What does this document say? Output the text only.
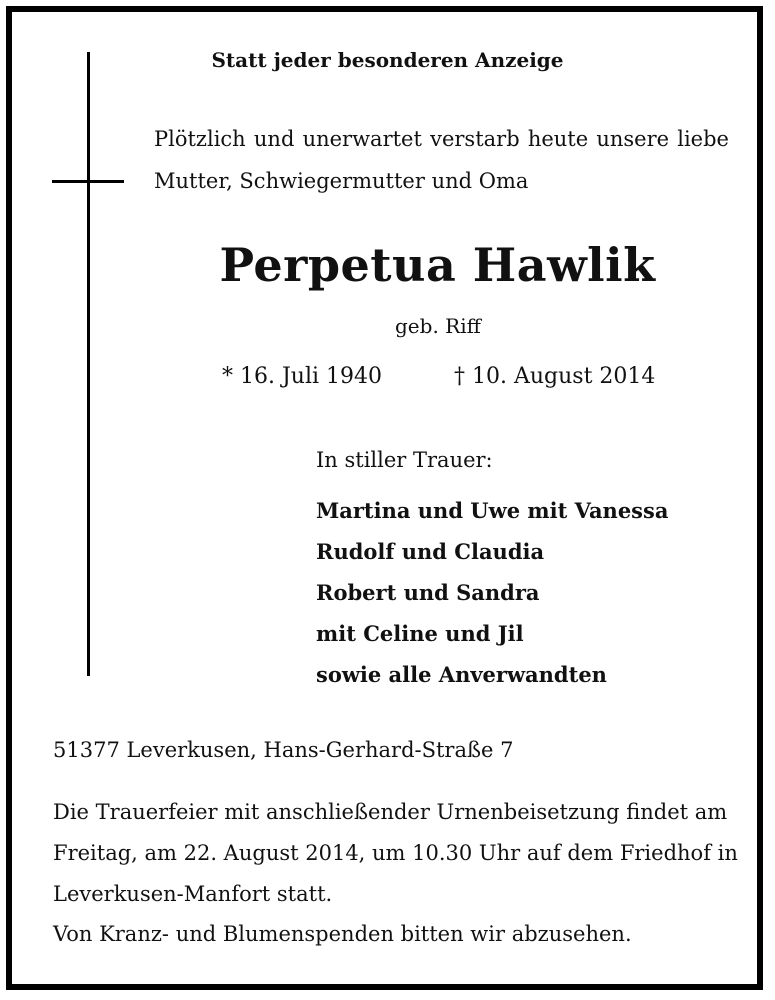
Statt jeder besonderen Anzeige
Plötzlich und unerwartet verstarb heute unsere liebe
Mutter, Schwiegermutter und Oma
Perpetua Hawlik
geb. Riff
* 16. Juli 1940	† 10. August 2014
In stiller Trauer:
Martina und Uwe mit Vanessa
Rudolf und Claudia
Robert und Sandra
mit Celine und Jil
sowie alle Anverwandten
51377 Leverkusen, Hans-Gerhard-Straße 7
Die Trauerfeier mit anschließender Urnenbeisetzung findet am
Freitag, am 22. August 2014, um 10.30 Uhr auf dem Friedhof in
Leverkusen-Manfort statt.
Von Kranz- und Blumenspenden bitten wir abzusehen.
